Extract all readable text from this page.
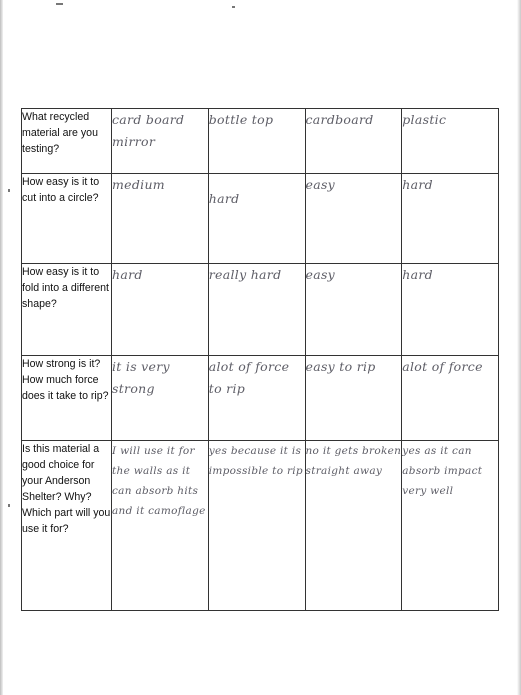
What recycled material are you testing?	card board mirror	bottle top	cardboard	plastic

How easy is it to cut into a circle?	medium	hard	easy	hard

How easy is it to fold into a different shape?	hard	really hard	easy	hard

How strong is it? How much force does it take to rip?	it is very strong	alot of force to rip	easy to rip	alot of force

Is this material a good choice for your Anderson Shelter? Why? Which part will you use it for?	I will use it for the walls as it can absorb hits and it camoflage	yes because it is impossible to rip	no it gets broken straight away	yes as it can absorb impact very well
